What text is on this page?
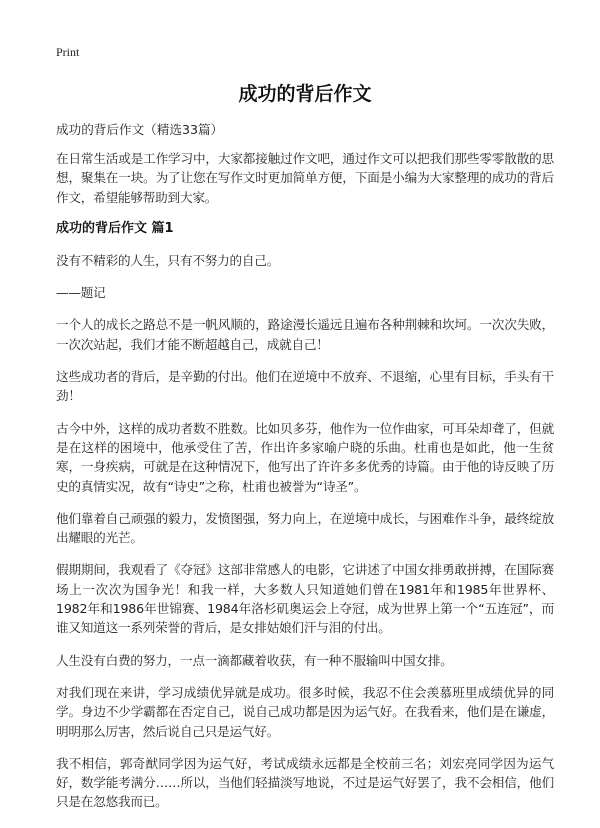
Print
成功的背后作文
成功的背后作文（精选33篇）

在日常生活或是工作学习中，大家都接触过作文吧，通过作文可以把我们那些零零散散的思想，聚集在一块。为了让您在写作文时更加简单方便，下面是小编为大家整理的成功的背后作文，希望能够帮助到大家。

成功的背后作文 篇1

没有不精彩的人生，只有不努力的自己。

——题记

一个人的成长之路总不是一帆风顺的，路途漫长遥远且遍布各种荆棘和坎坷。一次次失败，一次次站起，我们才能不断超越自己，成就自己！

这些成功者的背后，是辛勤的付出。他们在逆境中不放弃、不退缩，心里有目标，手头有干劲！

古今中外，这样的成功者数不胜数。比如贝多芬，他作为一位作曲家，可耳朵却聋了，但就是在这样的困境中，他承受住了苦，作出许多家喻户晓的乐曲。杜甫也是如此，他一生贫寒，一身疾病，可就是在这种情况下，他写出了许许多多优秀的诗篇。由于他的诗反映了历史的真情实况，故有“诗史”之称，杜甫也被誉为“诗圣”。

他们靠着自己顽强的毅力，发愤图强，努力向上，在逆境中成长，与困难作斗争，最终绽放出耀眼的光芒。

假期期间，我观看了《夺冠》这部非常感人的电影，它讲述了中国女排勇敢拼搏，在国际赛场上一次次为国争光！和我一样，大多数人只知道她们曾在1981年和1985年世界杯、1982年和1986年世锦赛、1984年洛杉矶奥运会上夺冠，成为世界上第一个“五连冠”，而谁又知道这一系列荣誉的背后，是女排姑娘们汗与泪的付出。

人生没有白费的努力，一点一滴都藏着收获，有一种不服输叫中国女排。

对我们现在来讲，学习成绩优异就是成功。很多时候，我忍不住会羡慕班里成绩优异的同学。身边不少学霸都在否定自己，说自己成功都是因为运气好。在我看来，他们是在谦虚，明明那么厉害，然后说自己只是运气好。

我不相信，郭奇猷同学因为运气好，考试成绩永远都是全校前三名；刘宏亮同学因为运气好，数学能考满分……所以，当他们轻描淡写地说，不过是运气好罢了，我不会相信，他们只是在忽悠我而已。
